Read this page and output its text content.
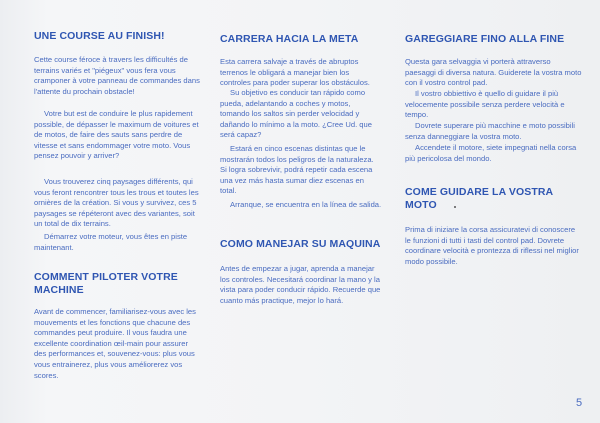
UNE COURSE AU FINISH!

Cette course féroce à travers les difficultés de terrains variés et "piégeux" vous fera vous cramponer à votre panneau de commandes dans l'attente du prochain obstacle!

Votre but est de conduire le plus rapidement possible, de dépasser le maximum de voitures et de motos, de faire des sauts sans perdre de vitesse et sans endommager votre moto. Vous pensez pouvoir y arriver?

Vous trouverez cinq paysages différents, qui vous feront rencontrer tous les trous et toutes les ornières de la création. Si vous y survivez, ces 5 paysages se répéteront avec des variantes, soit un total de dix terrains.

Démarrez votre moteur, vous êtes en piste maintenant.

COMMENT PILOTER VOTRE MACHINE

Avant de commencer, familiarisez-vous avec les mouvements et les fonctions que chacune des commandes peut produire. Il vous faudra une excellente coordination œil-main pour assurer des performances et, souvenez-vous: plus vous vous entrainerez, plus vous améliorerez vos scores.

CARRERA HACIA LA META

Esta carrera salvaje a través de abruptos terrenos le obligará a manejar bien los controles para poder superar los obstáculos.

Su objetivo es conducir tan rápido como pueda, adelantando a coches y motos, tomando los saltos sin perder velocidad y dañando lo mínimo a la moto. ¿Cree Ud. que será capaz?

Estará en cinco escenas distintas que le mostrarán todos los peligros de la naturaleza. Si logra sobrevivir, podrá repetir cada escena una vez más hasta sumar diez escenas en total.

Arranque, se encuentra en la línea de salida.

COMO MANEJAR SU MAQUINA

Antes de empezar a jugar, aprenda a manejar los controles. Necesitará coordinar la mano y la vista para poder conducir rápido. Recuerde que cuanto más practique, mejor lo hará.

GAREGGIARE FINO ALLA FINE

Questa gara selvaggia vi porterà attraverso paesaggi di diversa natura. Guiderete la vostra moto con il vostro control pad.

Il vostro obbiettivo è quello di guidare il più velocemente possibile senza perdere velocità e tempo.

Dovrete superare più macchine e moto possibili senza danneggiare la vostra moto.

Accendete il motore, siete impegnati nella corsa più pericolosa del mondo.

COME GUIDARE LA VOSTRA MOTO

Prima di iniziare la corsa assicuratevi di conoscere le funzioni di tutti i tasti del control pad. Dovrete coordinare velocità e prontezza di riflessi nel miglior modo possibile.

5
